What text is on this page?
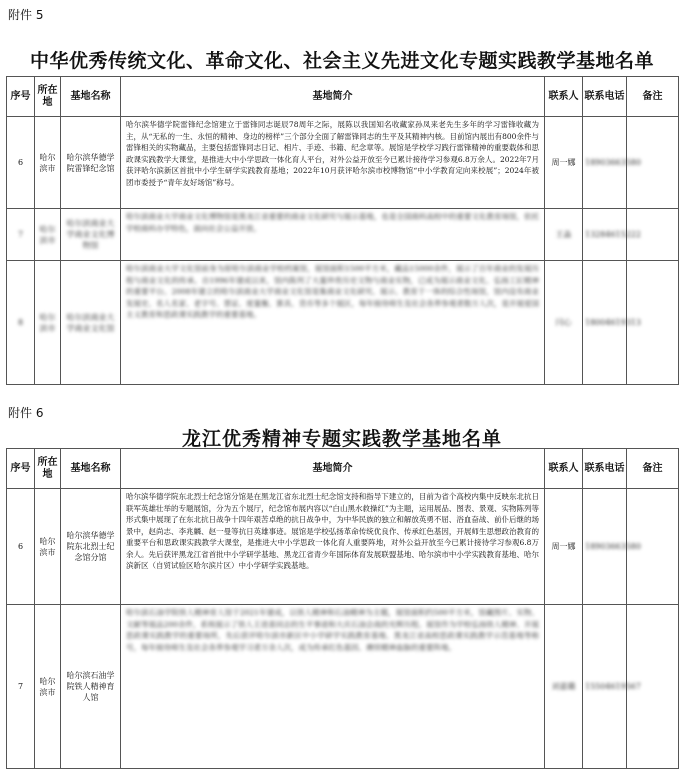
附件 5
中华优秀传统文化、革命文化、社会主义先进文化专题实践教学基地名单
序号	所在地	基地名称	基地简介	联系人	联系电话	备注
6	哈尔滨市	哈尔滨华德学院雷锋纪念馆	哈尔滨华德学院雷锋纪念馆建立于雷锋同志诞辰78周年之际，展陈以我国知名收藏家孙凤来老先生多年的学习雷锋收藏为主，从“无私的一生、永恒的精神、身边的榜样”三个部分全面了解雷锋同志的生平及其精神内核。目前馆内展出有800余件与雷锋相关的实物藏品，主要包括雷锋同志日记、相片、手迹、书籍、纪念章等。展馆是学校学习践行雷锋精神的重要载体和思政课实践教学大课堂，是推进大中小学思政一体化育人平台，对外公益开放至今已累计接待学习参观6.8万余人。2022年7月获评哈尔滨新区首批中小学生研学实践教育基地；2022年10月获评哈尔滨市校博物馆“中小学教育定向来校展”；2024年被团市委授予“青年友好场馆”称号。	周一娜	18903663580	
7	哈尔滨市	哈尔滨商业大学商业文化博物馆	哈尔滨商业大学商业文化博物馆是黑龙江省重要的商业文化研究与展示基地，也是全国商科高校中的重要文化教育场馆，依托学校商科办学特色，面向社会公益开放。	王淼	13284615222	
8	哈尔滨市	哈尔滨商业大学商业文化馆	哈尔滨商业大学文化馆前身为原哈尔滨商业学校档案馆，展馆面积1500平方米，藏品15000余件，展示了百年商业的发展历程与商业文化的传承。自1996年建成以来，馆内陈列了大量珍贵历史文物与商业实物，已成为展示商业文化、弘扬工匠精神的重要平台。2008年建立的哈尔滨商业大学商业文化馆是集商业文化研究、展示、教育于一体的综合性场馆，馆内设有商业发展史、名人名家、老字号、票证、度量衡、算具、货币等多个展区，每年接待师生及社会各界参观者数万人次，是开展爱国主义教育和思政课实践教学的重要基地。	闫心	18004619313	
附件 6
龙江优秀精神专题实践教学基地名单
序号	所在地	基地名称	基地简介	联系人	联系电话	备注
6	哈尔滨市	哈尔滨华德学院东北烈士纪念馆分馆	哈尔滨华德学院东北烈士纪念馆分馆是在黑龙江省东北烈士纪念馆支持和指导下建立的，目前为省个高校内集中反映东北抗日联军英雄壮举的专题展馆，分为五个展厅，纪念馆布展内容以“白山黑水救操红”为主题，运用展品、图表、景观、实物陈列等形式集中展现了在东北抗日战争十四年艰苦卓绝的抗日战争中，为中华民族的独立和解放英勇不屈、浴血奋战、前仆后继的场景中，赵尚志、李兆麟、赵一曼等抗日英雄事迹。展馆是学校弘扬革命传统优良作、传承红色基因，开展师生思想政治教育的重要平台和思政课实践教学大课堂，是推进大中小学思政一体化育人重要阵地，对外公益开放至今已累计接待学习参观6.8万余人。先后获评黑龙江省首批中小学研学基地、黑龙江省青少年国际体育发展联盟基地、哈尔滨市中小学实践教育基地、哈尔滨新区（自贸试验区哈尔滨片区）中小学研学实践基地。	周一娜	18903663580	
7	哈尔滨市	哈尔滨石油学院铁人精神育人馆	哈尔滨石油学院铁人精神育人馆于2021年建成，以铁人精神和石油精神为主题，展馆面积约500平方米，馆藏图片、实物、文献等展品200余件，系统展示了铁人王进喜同志的生平事迹和大庆石油会战的光辉历程。展馆作为学校弘扬铁人精神、开展思政课实践教学的重要场所，先后获评哈尔滨市新区中小学研学实践教育基地、黑龙江省高校思政课实践教学示范基地等称号，每年接待师生及社会各界参观学习者万余人次，成为传承红色基因、赓续精神血脉的重要阵地。	刘嘉璐	15504619567	
